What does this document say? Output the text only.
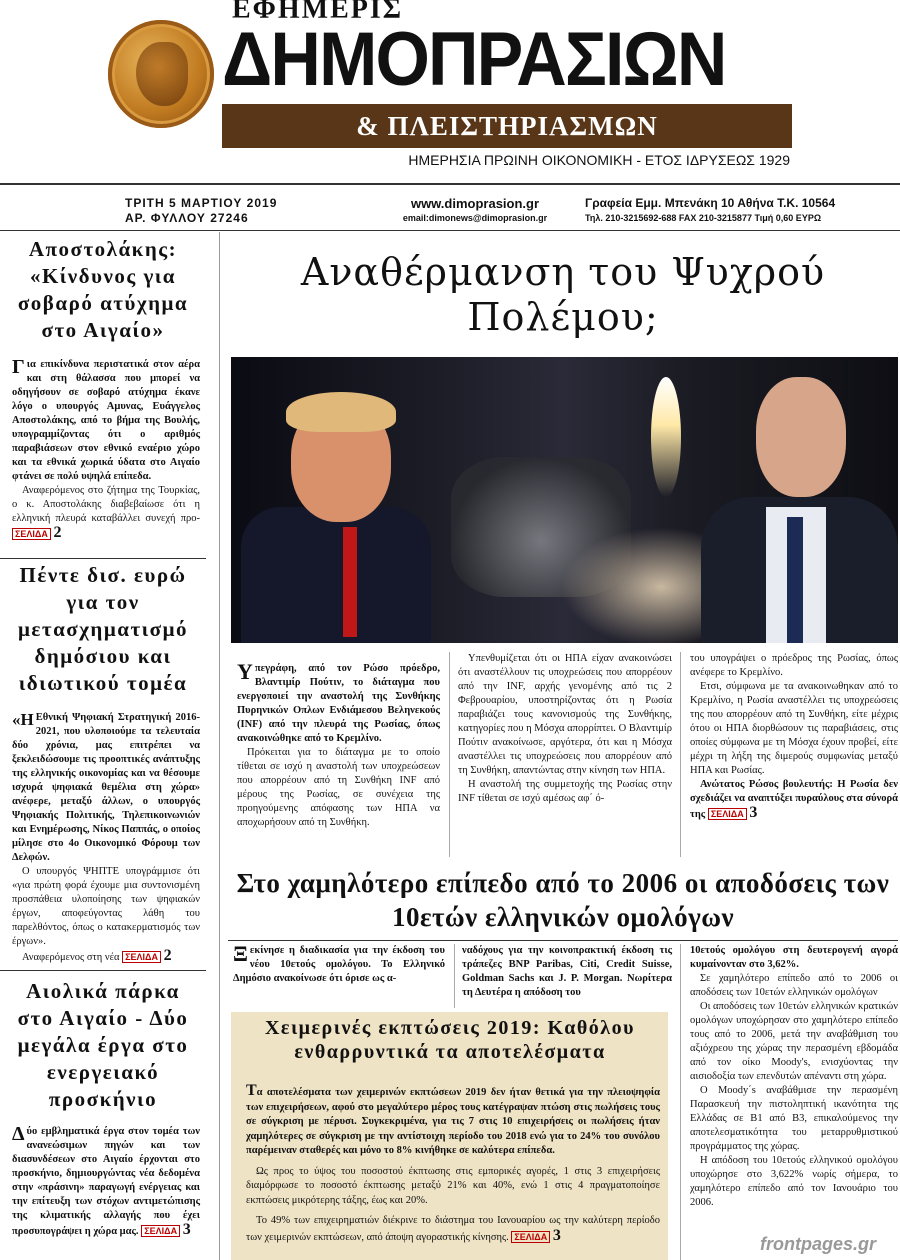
ΕΦΗΜΕΡΙΣ
ΔΗΜΟΠΡΑΣΙΩΝ
& ΠΛΕΙΣΤΗΡΙΑΣΜΩΝ
ΗΜΕΡΗΣΙΑ ΠΡΩΙΝΗ ΟΙΚΟΝΟΜΙΚΗ - ΕΤΟΣ ΙΔΡΥΣΕΩΣ 1929
ΤΡΙΤΗ 5 ΜΑΡΤΙΟΥ 2019
ΑΡ. ΦΥΛΛΟΥ 27246
www.dimoprasion.gr
email:dimonews@dimoprasion.gr
Γραφεία Εμμ. Μπενάκη 10 Αθήνα Τ.Κ. 10564
Τηλ. 210-3215692-688 FAX 210-3215877 Τιμή 0,60 ΕΥΡΩ
Αποστολάκης: «Κίνδυνος για σοβαρό ατύχημα στο Αιγαίο»
Για επικίνδυνα περιστατικά στον αέρα και στη θάλασσα που μπορεί να οδηγήσουν σε σοβαρό ατύχημα έκανε λόγο ο υπουργός Αμυνας, Ευάγγελος Αποστολάκης, από το βήμα της Βουλής, υπογραμμίζοντας ότι ο αριθμός παραβιάσεων στον εθνικό εναέριο χώρο και τα εθνικά χωρικά ύδατα στο Αιγαίο φτάνει σε πολύ υψηλά επίπεδα.
Αναφερόμενος στο ζήτημα της Τουρκίας, ο κ. Αποστολάκης διαβεβαίωσε ότι η ελληνική πλευρά καταβάλλει συνεχή προ- ΣΕΛΙΔΑ 2
Πέντε δισ. ευρώ για τον μετασχηματισμό δημόσιου και ιδιωτικού τομέα
«Η Εθνική Ψηφιακή Στρατηγική 2016-2021, που υλοποιούμε τα τελευταία δύο χρόνια, μας επιτρέπει να ξεκλειδώσουμε τις προοπτικές ανάπτυξης της ελληνικής οικονομίας και να θέσουμε ισχυρά ψηφιακά θεμέλια στη χώρα» ανέφερε, μεταξύ άλλων, ο υπουργός Ψηφιακής Πολιτικής, Τηλεπικοινωνιών και Ενημέρωσης, Νίκος Παππάς, ο οποίος μίλησε στο 4ο Οικονομικό Φόρουμ των Δελφών.
Ο υπουργός ΨΗΠΤΕ υπογράμμισε ότι «για πρώτη φορά έχουμε μια συντονισμένη προσπάθεια υλοποίησης των ψηφιακών έργων, αποφεύγοντας λάθη του παρελθόντος, όπως ο κατακερματισμός των έργων».
Αναφερόμενος στη νέα ΣΕΛΙΔΑ 2
Αιολικά πάρκα στο Αιγαίο - Δύο μεγάλα έργα στο ενεργειακό προσκήνιο
Δύο εμβληματικά έργα στον τομέα των ανανεώσιμων πηγών και των διασυνδέσεων στο Αιγαίο έρχονται στο προσκήνιο, δημιουργώντας νέα δεδομένα στην «πράσινη» παραγωγή ενέργειας και την επίτευξη των στόχων αντιμετώπισης της κλιματικής αλλαγής που έχει προσυπογράψει η χώρα μας. ΣΕΛΙΔΑ 3
Αναθέρμανση του Ψυχρού Πολέμου;
Υπεγράφη, από τον Ρώσο πρόεδρο, Βλαντιμίρ Πούτιν, το διάταγμα που ενεργοποιεί την αναστολή της Συνθήκης Πυρηνικών Οπλων Ενδιάμεσου Βεληνεκούς (INF) από την πλευρά της Ρωσίας, όπως ανακοινώθηκε από το Κρεμλίνο.
Πρόκειται για το διάταγμα με το οποίο τίθεται σε ισχύ η αναστολή των υποχρεώσεων που απορρέουν από τη Συνθήκη INF από μέρους της Ρωσίας, σε συνέχεια της προηγούμενης απόφασης των ΗΠΑ να αποχωρήσουν από τη Συνθήκη.
Υπενθυμίζεται ότι οι ΗΠΑ είχαν ανακοινώσει ότι αναστέλλουν τις υποχρεώσεις που απορρέουν από την INF, αρχής γενομένης από τις 2 Φεβρουαρίου, υποστηρίζοντας ότι η Ρωσία παραβιάζει τους κανονισμούς της Συνθήκης, κατηγορίες που η Μόσχα απορρίπτει. Ο Βλαντιμίρ Πούτιν ανακοίνωσε, αργότερα, ότι και η Μόσχα αναστέλλει τις υποχρεώσεις που απορρέουν από τη Συνθήκη, απαντώντας στην κίνηση των ΗΠΑ.
Η αναστολή της συμμετοχής της Ρωσίας στην INF τίθεται σε ισχύ αμέσως αφ΄ ό-
του υπογράψει ο πρόεδρος της Ρωσίας, όπως ανέφερε το Κρεμλίνο.
Ετσι, σύμφωνα με τα ανακοινωθηκαν από το Κρεμλίνο, η Ρωσία αναστέλλει τις υποχρεώσεις της που απορρέουν από τη Συνθήκη, είτε μέχρις ότου οι ΗΠΑ διορθώσουν τις παραβιάσεις, στις οποίες σύμφωνα με τη Μόσχα έχουν προβεί, είτε μέχρι τη λήξη της διμερούς συμφωνίας μεταξύ ΗΠΑ και Ρωσίας.
Ανώτατος Ρώσος βουλευτής: Η Ρωσία δεν σχεδιάζει να αναπτύξει πυραύλους στα σύνορά της ΣΕΛΙΔΑ 3
Στο χαμηλότερο επίπεδο από το 2006 οι αποδόσεις των 10ετών ελληνικών ομολόγων
Ξεκίνησε η διαδικασία για την έκδοση του νέου 10ετούς ομολόγου. Το Ελληνικό Δημόσιο ανακοίνωσε ότι όρισε ως α-
ναδόχους για την κοινοπρακτική έκδοση τις τράπεζες BNP Paribas, Citi, Credit Suisse, Goldman Sachs και J. P. Morgan. Νωρίτερα τη Δευτέρα η απόδοση του
10ετούς ομολόγου στη δευτερογενή αγορά κυμαίνονταν στο 3,62%.
Σε χαμηλότερο επίπεδο από το 2006 οι αποδόσεις των 10ετών ελληνικών ομολόγων
Οι αποδόσεις των 10ετών ελληνικών κρατικών ομολόγων υποχώρησαν στο χαμηλότερο επίπεδο τους από το 2006, μετά την αναβάθμιση του αξιόχρεου της χώρας την περασμένη εβδομάδα από τον οίκο Moody's, ενισχύοντας την αισιοδοξία των επενδυτών απέναντι στη χώρα.
Ο Moody΄s αναβάθμισε την περασμένη Παρασκευή την πιστοληπτική ικανότητα της Ελλάδας σε Β1 από Β3, επικαλούμενος την αποτελεσματικότητα του μεταρρυθμιστικού προγράμματος της χώρας.
Η απόδοση του 10ετούς ελληνικού ομολόγου υποχώρησε στο 3,622% νωρίς σήμερα, το χαμηλότερο επίπεδο από τον Ιανουάριο του 2006.
Χειμερινές εκπτώσεις 2019: Καθόλου ενθαρρυντικά τα αποτελέσματα
Τα αποτελέσματα των χειμερινών εκπτώσεων 2019 δεν ήταν θετικά για την πλειοψηφία των επιχειρήσεων, αφού στο μεγαλύτερο μέρος τους κατέγραψαν πτώση στις πωλήσεις τους σε σύγκριση με πέρυσι. Συγκεκριμένα, για τις 7 στις 10 επιχειρήσεις οι πωλήσεις ήταν χαμηλότερες σε σύγκριση με την αντίστοιχη περίοδο του 2018 ενώ για το 24% του συνόλου παρέμειναν σταθερές και μόνο το 8% κινήθηκε σε καλύτερα επίπεδα.
Ως προς το ύψος του ποσοστού έκπτωσης στις εμπορικές αγορές, 1 στις 3 επιχειρήσεις διαμόρφωσε το ποσοστό έκπτωσης μεταξύ 21% και 40%, ενώ 1 στις 4 πραγματοποίησε εκπτώσεις μικρότερης τάξης, έως και 20%.
Το 49% των επιχειρηματιών διέκρινε το διάστημα του Ιανουαρίου ως την καλύτερη περίοδο των χειμερινών εκπτώσεων, από άποψη αγοραστικής κίνησης. ΣΕΛΙΔΑ 3	frontpages.gr
